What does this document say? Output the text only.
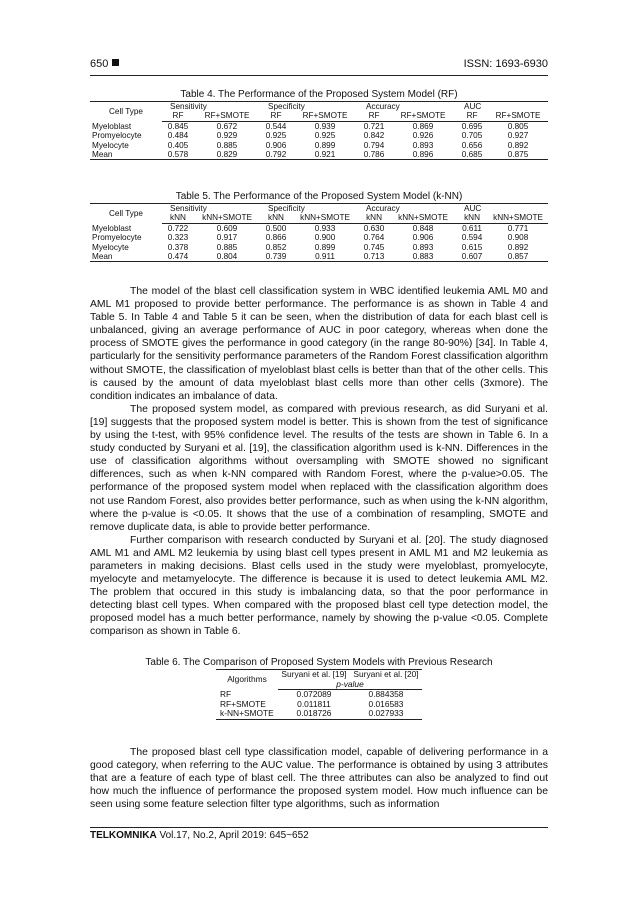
650	ISSN: 1693-6930
Table 4. The Performance of the Proposed System Model (RF)
Cell Type	Sensitivity		Specificity		Accuracy		AUC	
	RF	RF+SMOTE	RF	RF+SMOTE	RF	RF+SMOTE	RF	RF+SMOTE
Myeloblast	0.845	0.672	0.544	0.939	0.721	0.869	0.695	0.805
Promyelocyte	0.484	0.929	0.925	0.925	0.842	0.926	0.705	0.927
Myelocyte	0.405	0.885	0.906	0.899	0.794	0.893	0.656	0.892
Mean	0.578	0.829	0.792	0.921	0.786	0.896	0.685	0.875
Table 5. The Performance of the Proposed System Model (k-NN)
Cell Type	Sensitivity		Specificity		Accuracy		AUC	
	kNN	kNN+SMOTE	kNN	kNN+SMOTE	kNN	kNN+SMOTE	kNN	kNN+SMOTE
Myeloblast	0.722	0.609	0.500	0.933	0.630	0.848	0.611	0.771
Promyelocyte	0.323	0.917	0.866	0.900	0.764	0.906	0.594	0.908
Myelocyte	0.378	0.885	0.852	0.899	0.745	0.893	0.615	0.892
Mean	0.474	0.804	0.739	0.911	0.713	0.883	0.607	0.857

The model of the blast cell classification system in WBC identified leukemia AML M0 and AML M1 proposed to provide better performance. The performance is as shown in Table 4 and Table 5. In Table 4 and Table 5 it can be seen, when the distribution of data for each blast cell is unbalanced, giving an average performance of AUC in poor category, whereas when done the process of SMOTE gives the performance in good category (in the range 80-90%) [34]. In Table 4, particularly for the sensitivity performance parameters of the Random Forest classification algorithm without SMOTE, the classification of myeloblast blast cells is better than that of the other cells. This is caused by the amount of data myeloblast blast cells more than other cells (3xmore). The condition indicates an imbalance of data.

The proposed system model, as compared with previous research, as did Suryani et al. [19] suggests that the proposed system model is better. This is shown from the test of significance by using the t-test, with 95% confidence level. The results of the tests are shown in Table 6. In a study conducted by Suryani et al. [19], the classification algorithm used is k-NN. Differences in the use of classification algorithms without oversampling with SMOTE showed no significant differences, such as when k-NN compared with Random Forest, where the p-value>0.05. The performance of the proposed system model when replaced with the classification algorithm does not use Random Forest, also provides better performance, such as when using the k-NN algorithm, where the p-value is <0.05. It shows that the use of a combination of resampling, SMOTE and remove duplicate data, is able to provide better performance.

Further comparison with research conducted by Suryani et al. [20]. The study diagnosed AML M1 and AML M2 leukemia by using blast cell types present in AML M1 and M2 leukemia as parameters in making decisions. Blast cells used in the study were myeloblast, promyelocyte, myelocyte and metamyelocyte. The difference is because it is used to detect leukemia AML M2. The problem that occured in this study is imbalancing data, so that the poor performance in detecting blast cell types. When compared with the proposed blast cell type detection model, the proposed model has a much better performance, namely by showing the p-value <0.05. Complete comparison as shown in Table 6.

Table 6. The Comparison of Proposed System Models with Previous Research
Algorithms	Suryani et al. [19]	Suryani et al. [20]
	p-value	
RF	0.072089	0.884358
RF+SMOTE	0.011811	0.016583
k-NN+SMOTE	0.018726	0.027933

The proposed blast cell type classification model, capable of delivering performance in a good category, when referring to the AUC value. The performance is obtained by using 3 attributes that are a feature of each type of blast cell. The three attributes can also be analyzed to find out how much the influence of performance the proposed system model. How much influence can be seen using some feature selection filter type algorithms, such as information

TELKOMNIKA Vol.17, No.2, April 2019: 645~652
